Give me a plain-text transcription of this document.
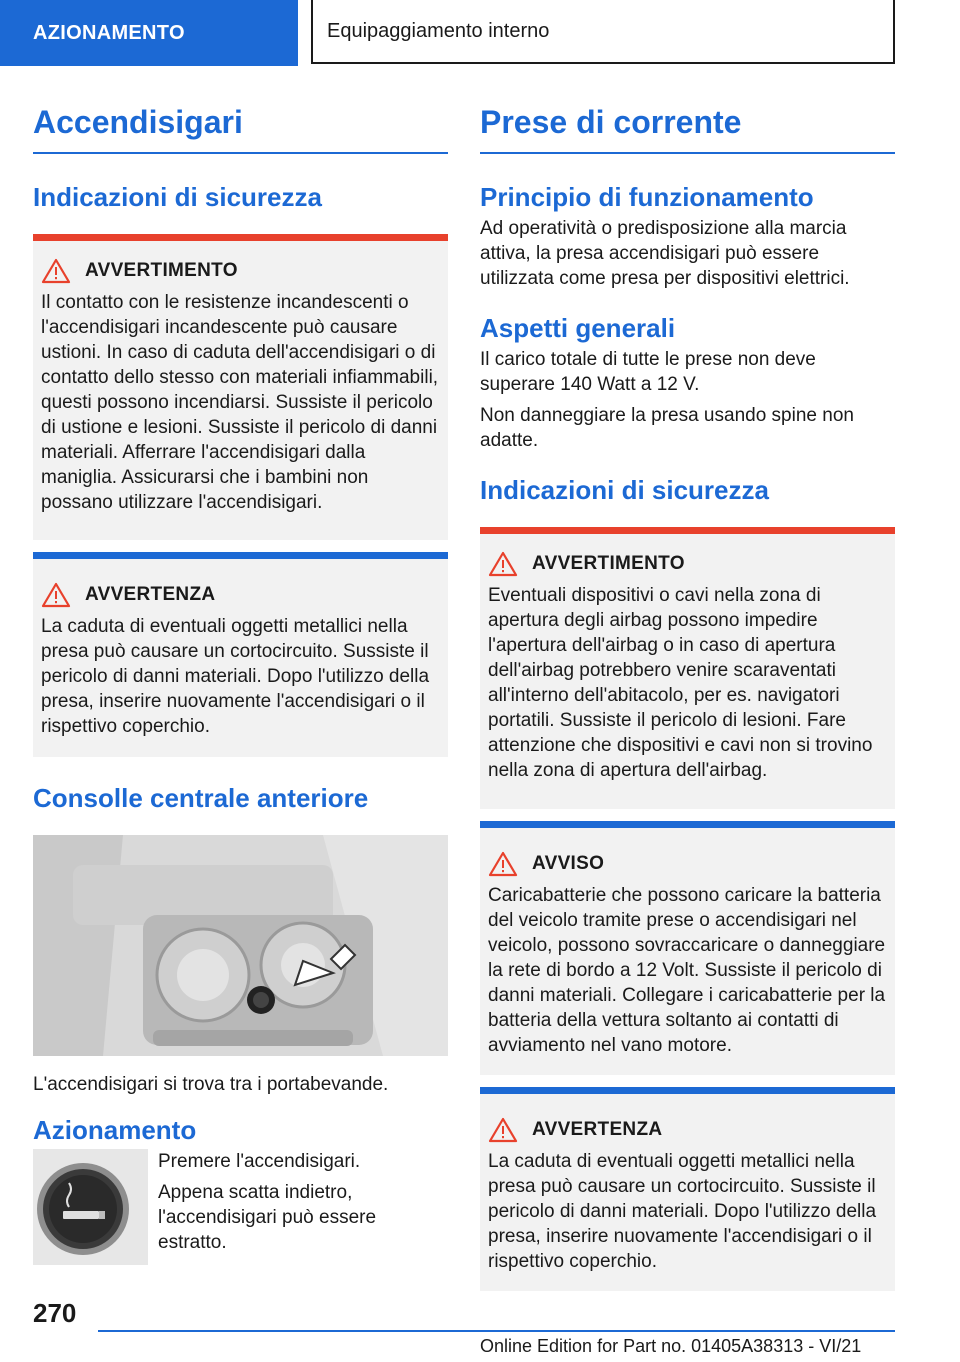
AZIONAMENTO	Equipaggiamento interno
Accendisigari
Indicazioni di sicurezza
AVVERTIMENTO

Il contatto con le resistenze incandescenti o l'accendisigari incandescente può causare ustioni. In caso di caduta dell'accendisigari o di contatto dello stesso con materiali infiammabili, questi possono incendiarsi. Sussiste il pericolo di ustione e lesioni. Sussiste il pericolo di danni materiali. Afferrare l'accendisigari dalla maniglia. Assicurarsi che i bambini non possano utilizzare l'accendisigari.

AVVERTENZA

La caduta di eventuali oggetti metallici nella presa può causare un cortocircuito. Sussiste il pericolo di danni materiali. Dopo l'utilizzo della presa, inserire nuovamente l'accendisigari o il rispettivo coperchio.

Consolle centrale anteriore

L'accendisigari si trova tra i portabevande.

Azionamento

Premere l'accendisigari.

Appena scatta indietro, l'accendisigari può essere estratto.

Prese di corrente
Principio di funzionamento

Ad operatività o predisposizione alla marcia attiva, la presa accendisigari può essere utilizzata come presa per dispositivi elettrici.

Aspetti generali

Il carico totale di tutte le prese non deve superare 140 Watt a 12 V.

Non danneggiare la presa usando spine non adatte.

Indicazioni di sicurezza
AVVERTIMENTO

Eventuali dispositivi o cavi nella zona di apertura degli airbag possono impedire l'apertura dell'airbag o in caso di apertura dell'airbag potrebbero venire scaraventati all'interno dell'abitacolo, per es. navigatori portatili. Sussiste il pericolo di lesioni. Fare attenzione che dispositivi e cavi non si trovino nella zona di apertura dell'airbag.

AVVISO

Caricabatterie che possono caricare la batteria del veicolo tramite prese o accendisigari nel veicolo, possono sovraccaricare o danneggiare la rete di bordo a 12 Volt. Sussiste il pericolo di danni materiali. Collegare i caricabatterie per la batteria della vettura soltanto ai contatti di avviamento nel vano motore.

AVVERTENZA

La caduta di eventuali oggetti metallici nella presa può causare un cortocircuito. Sussiste il pericolo di danni materiali. Dopo l'utilizzo della presa, inserire nuovamente l'accendisigari o il rispettivo coperchio.

270
Online Edition for Part no. 01405A38313 - VI/21
